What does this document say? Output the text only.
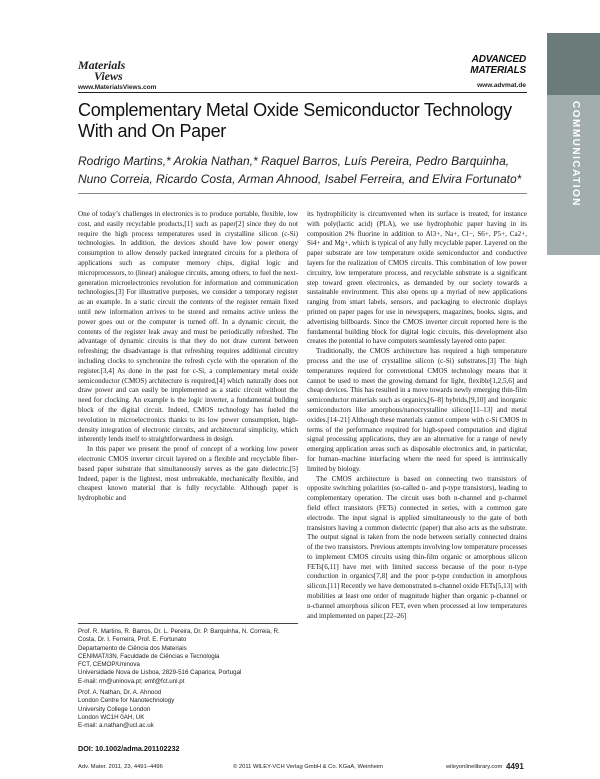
Materials
Views
www.MaterialsViews.com
ADVANCED
MATERIALS
www.advmat.de
COMMUNICATION
Complementary Metal Oxide Semiconductor Technology With and On Paper
Rodrigo Martins,* Arokia Nathan,* Raquel Barros, Luís Pereira, Pedro Barquinha, Nuno Correia, Ricardo Costa, Arman Ahnood, Isabel Ferreira, and Elvira Fortunato*

One of today’s challenges in electronics is to produce portable, flexible, low cost, and easily recyclable products,[1] such as paper[2] since they do not require the high process temperatures used in crystalline silicon (c-Si) technologies. In addition, the devices should have low power energy consumption to allow densely packed integrated circuits for a plethora of applications such as computer memory chips, digital logic and microprocessors, to (linear) analogue circuits, among others, to fuel the next-generation microelectronics revolution for information and communication technologies.[3] For illustrative purposes, we consider a temporary register as an example. In a static circuit the contents of the register remain fixed until new information arrives to be stored and remains active unless the power goes out or the computer is turned off. In a dynamic circuit, the contents of the register leak away and must be periodically refreshed. The advantage of dynamic circuits is that they do not draw current between refreshing; the disadvantage is that refreshing requires additional circuitry including clocks to synchronize the refresh cycle with the operation of the register.[3,4] As done in the past for c-Si, a complementary metal oxide semiconductor (CMOS) architecture is required,[4] which naturally does not draw power and can easily be implemented as a static circuit without the need for clocking. An example is the logic inverter, a fundamental building block of the digital circuit. Indeed, CMOS technology has fueled the revolution in microelectronics thanks to its low power consumption, high-density integration of electronic circuits, and architectural simplicity, which inherently lends itself to straightforwardness in design.

In this paper we present the proof of concept of a working low power electronic CMOS inverter circuit layered on a flexible and recyclable fiber-based paper substrate that simultaneously serves as the gate dielectric.[5] Indeed, paper is the lightest, most unbreakable, mechanically flexible, and cheapest known material that is fully recyclable. Although paper is hydrophobic and

its hydrophilicity is circumvented when its surface is treated, for instance with poly(lactic acid) (PLA), we use hydrophobic paper having in its composition 2% fluorine in addition to Al3+, Na+, Cl−, S6+, P5+, Ca2+, Si4+ and Mg+, which is typical of any fully recyclable paper. Layered on the paper substrate are low temperature oxide semiconductor and conductive layers for the realization of CMOS circuits. This combination of low power circuitry, low temperature process, and recyclable substrate is a significant step toward green electronics, as demanded by our society towards a sustainable environment. This also opens up a myriad of new applications ranging from smart labels, sensors, and packaging to electronic displays printed on paper pages for use in newspapers, magazines, books, signs, and advertising billboards. Since the CMOS inverter circuit reported here is the fundamental building block for digital logic circuits, this development also creates the potential to have computers seamlessly layered onto paper.

Traditionally, the CMOS architecture has required a high temperature process and the use of crystalline silicon (c-Si) substrates.[3] The high temperatures required for conventional CMOS technology means that it cannot be used to meet the growing demand for light, flexible[1,2,5,6] and cheap devices. This has resulted in a move towards newly emerging thin-film semiconductor materials such as organics,[6–8] hybrids,[9,10] and inorganic semiconductors like amorphous/nanocrystalline silicon[11–13] and metal oxides.[14–21] Although these materials cannot compete with c-Si CMOS in terms of the performance required for high-speed computation and digital signal processing applications, they are an alternative for a range of newly emerging application areas such as disposable electronics and, in particular, for human–machine interfacing where the need for speed is intrinsically limited by biology.

The CMOS architecture is based on connecting two transistors of opposite switching polarities (so-called n- and p-type transistors), leading to complementary operation. The circuit uses both n-channel and p-channel field effect transistors (FETs) connected in series, with a common gate electrode. The input signal is applied simultaneously to the gate of both transistors having a common dielectric (paper) that also acts as the substrate. The output signal is taken from the node between serially connected drains of the two transistors. Previous attempts involving low temperature processes to implement CMOS circuits using thin-film organic or amorphous silicon FETs[6,11] have met with limited success because of the poor n-type conduction in organics[7,8] and the poor p-type conduction in amorphous silicon.[11] Recently we have demonstrated n-channel oxide FETs[5,13] with mobilities at least one order of magnitude higher than organic p-channel or n-channel amorphous silicon FET, even when processed at low temperatures and implemented on paper.[22–26]

Prof. R. Martins, R. Barros, Dr. L. Pereira, Dr. P. Barquinha, N. Correia, R. Costa, Dr. I. Ferreira, Prof. E. Fortunato
Departamento de Ciência dos Materiais
CENIMAT/I3N, Faculdade de Ciências e Tecnologia
FCT, CEMOP/Uninova
Universidade Nova de Lisboa, 2829-516 Caparica, Portugal
E-mail: rm@uninova.pt; emf@fct.unl.pt
Prof. A. Nathan, Dr. A. Ahnood
London Centre for Nanotechnology
University College London
London WC1H 0AH, UK
E-mail: a.nathan@ucl.ac.uk
DOI: 10.1002/adma.201102232
Adv. Mater. 2011, 23, 4491–4496	© 2011 WILEY-VCH Verlag GmbH & Co. KGaA, Weinheim	wileyonlinelibrary.com 4491
